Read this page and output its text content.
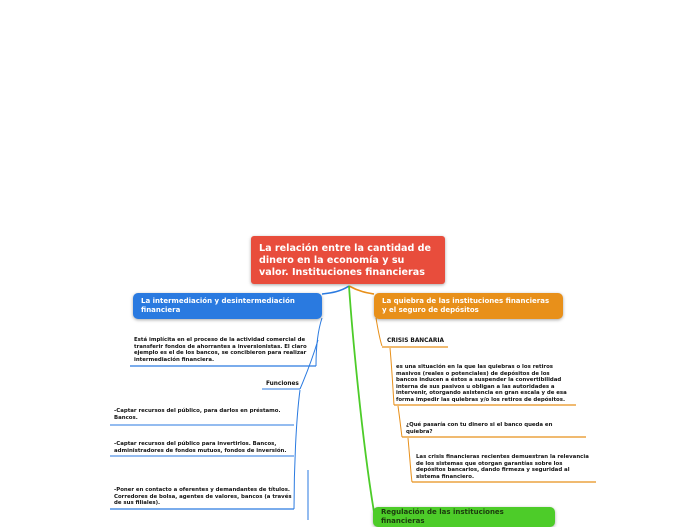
La relación entre la cantidad de dinero en la economía y su valor. Instituciones financieras
La intermediación y desintermediación financiera
Está implícita en el proceso de la actividad comercial de transferir fondos de ahorrantes a inversionistas. El claro ejemplo es el de los bancos, se concibieron para realizar intermediación financiera.
Funciones
-Captar recursos del público, para darlos en préstamo. Bancos.
-Captar recursos del público para invertirlos. Bancos, administradores de fondos mutuos, fondos de inversión.
-Poner en contacto a oferentes y demandantes de títulos. Corredores de bolsa, agentes de valores, bancos (a través de sus filiales).
La quiebra de las instituciones financieras y el seguro de depósitos
CRISIS BANCARIA
es una situación en la que las quiebras o los retiros masivos (reales o potenciales) de depósitos de los bancos inducen a éstos a suspender la convertibilidad interna de sus pasivos u obligan a las autoridades a intervenir, otorgando asistencia en gran escala y de esa forma impedir las quiebras y/o los retiros de depósitos.
¿Qué pasaría con tu dinero si el banco queda en quiebra?
Las crisis financieras recientes demuestran la relevancia de los sistemas que otorgan garantías sobre los depósitos bancarios, dando firmeza y seguridad al sistema financiero.
Regulación de las instituciones financieras
